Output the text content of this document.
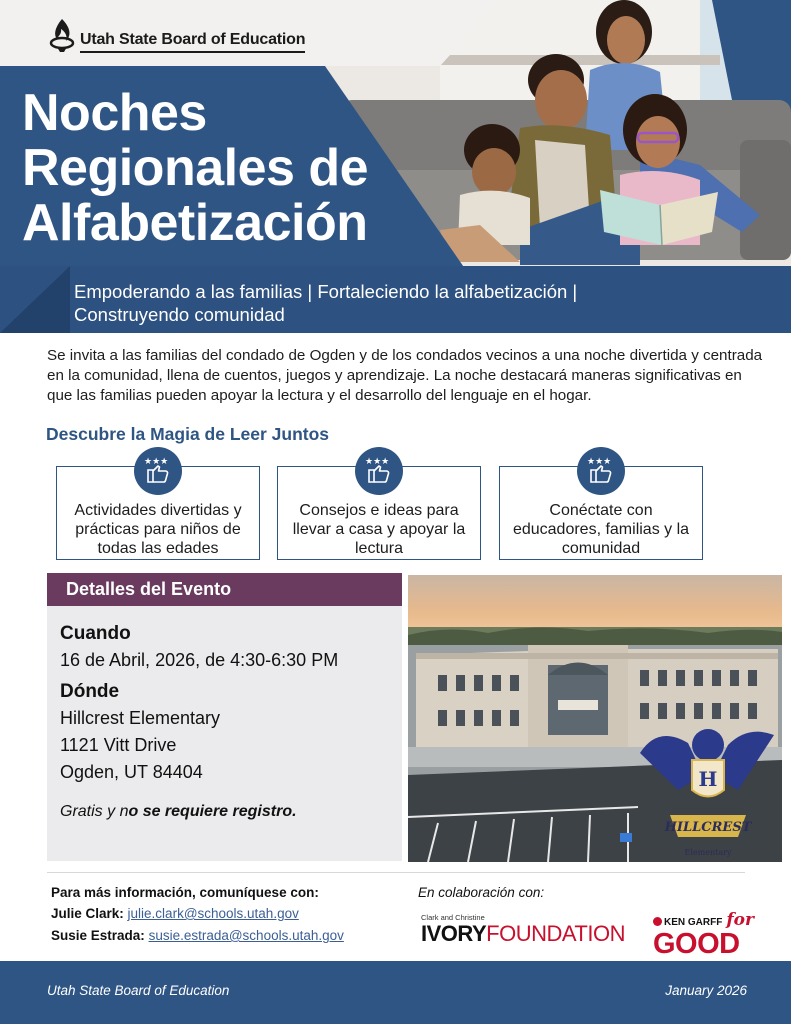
Utah State Board of Education
Noches
Regionales de
Alfabetización

Empoderando a las familias | Fortaleciendo la alfabetización | Construyendo comunidad

Se invita a las familias del condado de Ogden y de los condados vecinos a una noche divertida y centrada en la comunidad, llena de cuentos, juegos y aprendizaje. La noche destacará maneras significativas en que las familias pueden apoyar la lectura y el desarrollo del lenguaje en el hogar.

Descubre la Magia de Leer Juntos
★★★
Actividades divertidas y prácticas para niños de todas las edades
★★★
Consejos e ideas para llevar a casa y apoyar la lectura
★★★
Conéctate con educadores, familias y la comunidad
Detalles del Evento
Cuando
16 de Abril, 2026, de 4:30-6:30 PM
Dónde
Hillcrest Elementary
1121 Vitt Drive
Ogden, UT 84404
Gratis y no se requiere registro.
H
HILLCREST
Elementary
Para más información, comuníquese con:
Julie Clark: julie.clark@schools.utah.gov
Susie Estrada: susie.estrada@schools.utah.gov
En colaboración con:
Clark and Christine
IVORYFOUNDATION	KEN GARFF for
GOOD
Utah State Board of Education	January 2026
